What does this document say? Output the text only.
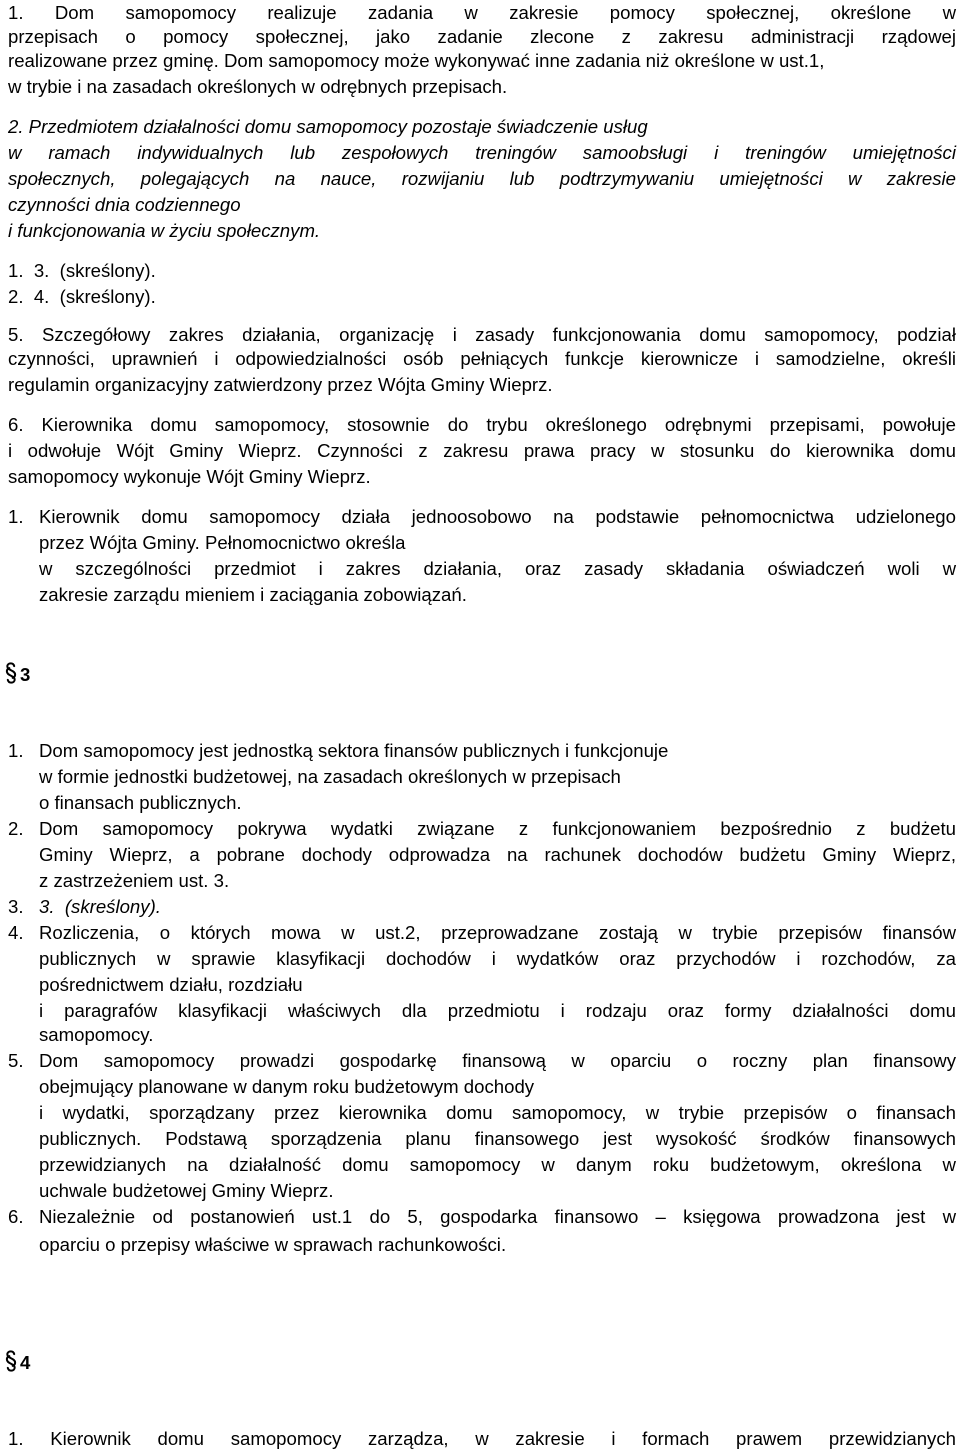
1. Dom samopomocy realizuje zadania w zakresie pomocy społecznej, określone w
przepisach o pomocy społecznej, jako zadanie zlecone z zakresu administracji rządowej
realizowane przez gminę. Dom samopomocy może wykonywać inne zadania niż określone w ust.1,
w trybie i na zasadach określonych w odrębnych przepisach.
2. Przedmiotem działalności domu samopomocy pozostaje świadczenie usług
w ramach indywidualnych lub zespołowych treningów samoobsługi i treningów umiejętności
społecznych, polegających na nauce, rozwijaniu lub podtrzymywaniu umiejętności w zakresie
czynności dnia codziennego
i funkcjonowania w życiu społecznym.
1.  3.  (skreślony).
2.  4.  (skreślony).
5. Szczegółowy zakres działania, organizację i zasady funkcjonowania domu samopomocy, podział
czynności, uprawnień i odpowiedzialności osób pełniących funkcje kierownicze i samodzielne, określi
regulamin organizacyjny zatwierdzony przez Wójta Gminy Wieprz.
6. Kierownika domu samopomocy, stosownie do trybu określonego odrębnymi przepisami, powołuje
i odwołuje Wójt Gminy Wieprz. Czynności z zakresu prawa pracy w stosunku do kierownika domu
samopomocy wykonuje Wójt Gminy Wieprz.
1. Kierownik domu samopomocy działa jednoosobowo na podstawie pełnomocnictwa udzielonego
przez Wójta Gminy. Pełnomocnictwo określa
w szczególności przedmiot i zakres działania, oraz zasady składania oświadczeń woli w
zakresie zarządu mieniem i zaciągania zobowiązań.
3
1. Dom samopomocy jest jednostką sektora finansów publicznych i funkcjonuje
w formie jednostki budżetowej, na zasadach określonych w przepisach
o finansach publicznych.
2. Dom samopomocy pokrywa wydatki związane z funkcjonowaniem bezpośrednio z budżetu
Gminy Wieprz, a pobrane dochody odprowadza na rachunek dochodów budżetu Gminy Wieprz,
z zastrzeżeniem ust. 3.
3. 3.  (skreślony).
4. Rozliczenia, o których mowa w ust.2, przeprowadzane zostają w trybie przepisów finansów
publicznych w sprawie klasyfikacji dochodów i wydatków oraz przychodów i rozchodów, za
pośrednictwem działu, rozdziału
i paragrafów klasyfikacji właściwych dla przedmiotu i rodzaju oraz formy działalności domu
samopomocy.
5. Dom samopomocy prowadzi gospodarkę finansową w oparciu o roczny plan finansowy
obejmujący planowane w danym roku budżetowym dochody
i wydatki, sporządzany przez kierownika domu samopomocy, w trybie przepisów o finansach
publicznych. Podstawą sporządzenia planu finansowego jest wysokość środków finansowych
przewidzianych na działalność domu samopomocy w danym roku budżetowym, określona w
uchwale budżetowej Gminy Wieprz.
6. Niezależnie od postanowień ust.1 do 5, gospodarka finansowo – księgowa prowadzona jest w
oparciu o przepisy właściwe w sprawach rachunkowości.
4
1. Kierownik domu samopomocy zarządza, w zakresie i formach prawem przewidzianych
